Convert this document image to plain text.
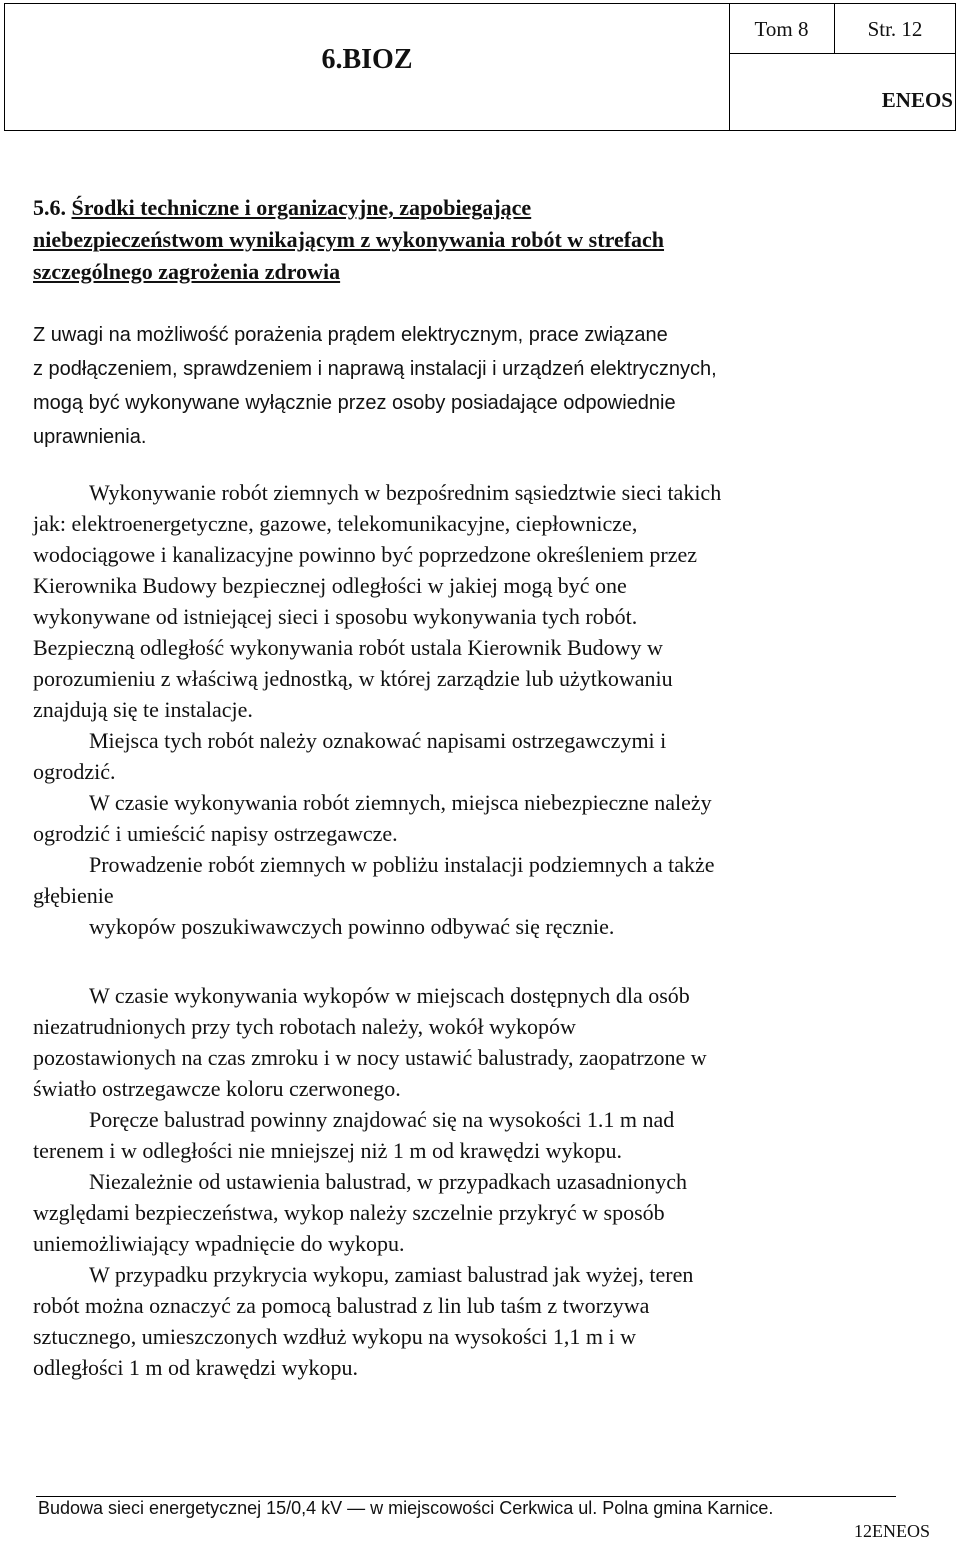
6.BIOZ
Tom 8	Str. 12
ENEOS
5.6. Środki techniczne i organizacyjne, zapobiegające
niebezpieczeństwom wynikającym z wykonywania robót w strefach
szczególnego zagrożenia zdrowia
Z uwagi na możliwość porażenia prądem elektrycznym, prace związane
z podłączeniem, sprawdzeniem i naprawą instalacji i urządzeń elektrycznych,
mogą być wykonywane wyłącznie przez osoby posiadające odpowiednie
uprawnienia.

Wykonywanie robót ziemnych w bezpośrednim sąsiedztwie sieci takich

jak: elektroenergetyczne, gazowe, telekomunikacyjne, ciepłownicze,

wodociągowe i kanalizacyjne powinno być poprzedzone określeniem przez

Kierownika Budowy bezpiecznej odległości w jakiej mogą być one

wykonywane od istniejącej sieci i sposobu wykonywania tych robót.

Bezpieczną odległość wykonywania robót ustala Kierownik Budowy w

porozumieniu z właściwą jednostką, w której zarządzie lub użytkowaniu

znajdują się te instalacje.

Miejsca tych robót należy oznakować napisami ostrzegawczymi i

ogrodzić.

W czasie wykonywania robót ziemnych, miejsca niebezpieczne należy

ogrodzić i umieścić napisy ostrzegawcze.

Prowadzenie robót ziemnych w pobliżu instalacji podziemnych a także

głębienie

wykopów poszukiwawczych powinno odbywać się ręcznie.

W czasie wykonywania wykopów w miejscach dostępnych dla osób

niezatrudnionych przy tych robotach należy, wokół wykopów

pozostawionych na czas zmroku i w nocy ustawić balustrady, zaopatrzone w

światło ostrzegawcze koloru czerwonego.

Poręcze balustrad powinny znajdować się na wysokości 1.1 m nad

terenem i w odległości nie mniejszej niż 1 m od krawędzi wykopu.

Niezależnie od ustawienia balustrad, w przypadkach uzasadnionych

względami bezpieczeństwa, wykop należy szczelnie przykryć w sposób

uniemożliwiający wpadnięcie do wykopu.

W przypadku przykrycia wykopu, zamiast balustrad jak wyżej, teren

robót można oznaczyć za pomocą balustrad z lin lub taśm z tworzywa

sztucznego, umieszczonych wzdłuż wykopu na wysokości 1,1 m i w

odległości 1 m od krawędzi wykopu.

Budowa sieci energetycznej 15/0,4 kV — w miejscowości Cerkwica ul. Polna gmina Karnice.
12ENEOS
